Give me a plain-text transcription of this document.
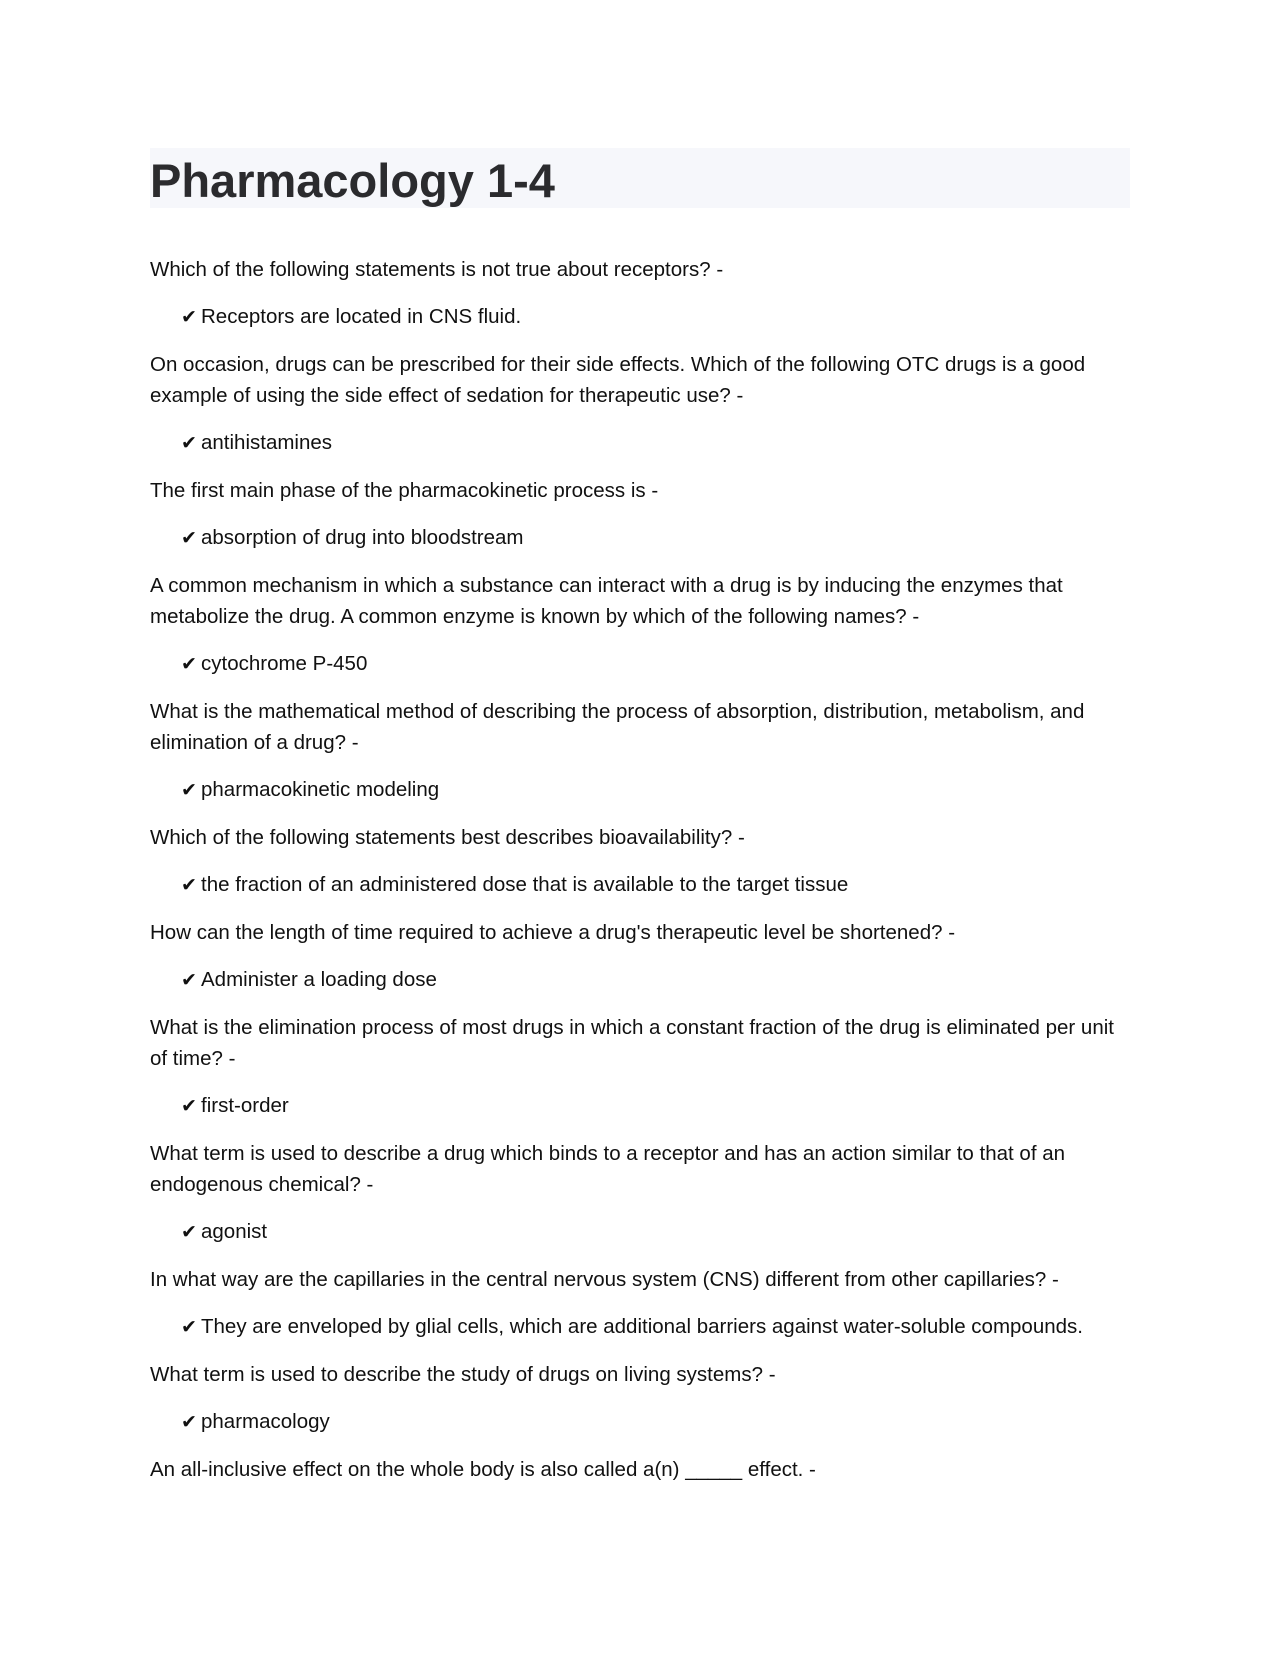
Pharmacology 1-4

Which of the following statements is not true about receptors? -

✔ Receptors are located in CNS fluid.

On occasion, drugs can be prescribed for their side effects. Which of the following OTC drugs is a good example of using the side effect of sedation for therapeutic use? -

✔ antihistamines

The first main phase of the pharmacokinetic process is -

✔ absorption of drug into bloodstream

A common mechanism in which a substance can interact with a drug is by inducing the enzymes that metabolize the drug. A common enzyme is known by which of the following names? -

✔ cytochrome P-450

What is the mathematical method of describing the process of absorption, distribution, metabolism, and elimination of a drug? -

✔ pharmacokinetic modeling

Which of the following statements best describes bioavailability? -

✔ the fraction of an administered dose that is available to the target tissue

How can the length of time required to achieve a drug's therapeutic level be shortened? -

✔ Administer a loading dose

What is the elimination process of most drugs in which a constant fraction of the drug is eliminated per unit of time? -

✔ first-order

What term is used to describe a drug which binds to a receptor and has an action similar to that of an endogenous chemical? -

✔ agonist

In what way are the capillaries in the central nervous system (CNS) different from other capillaries? -

✔ They are enveloped by glial cells, which are additional barriers against water-soluble compounds.

What term is used to describe the study of drugs on living systems? -

✔ pharmacology

An all-inclusive effect on the whole body is also called a(n) _____ effect. -
